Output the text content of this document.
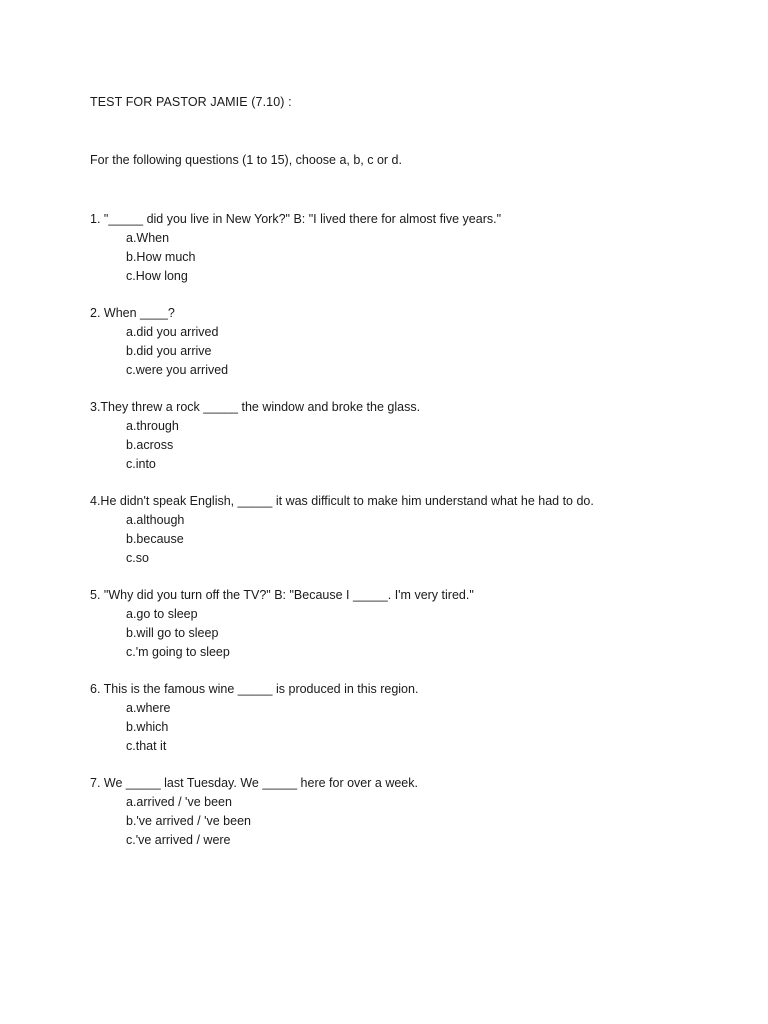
TEST FOR PASTOR JAMIE (7.10) :
For the following questions (1 to 15), choose a, b, c or d.
1. "_____ did you live in New York?" B: "I lived there for almost five years."
a.When
b.How much
c.How long
2. When ____?
a.did you arrived
b.did you arrive
c.were you arrived
3.They threw a rock _____ the window and broke the glass.
a.through
b.across
c.into
4.He didn't speak English, _____ it was difficult to make him understand what he had to do.
a.although
b.because
c.so
5. "Why did you turn off the TV?" B: "Because I _____. I'm very tired."
a.go to sleep
b.will go to sleep
c.'m going to sleep
6. This is the famous wine _____ is produced in this region.
a.where
b.which
c.that it
7. We _____ last Tuesday. We _____ here for over a week.
a.arrived / 've been
b.'ve arrived / 've been
c.'ve arrived / were
